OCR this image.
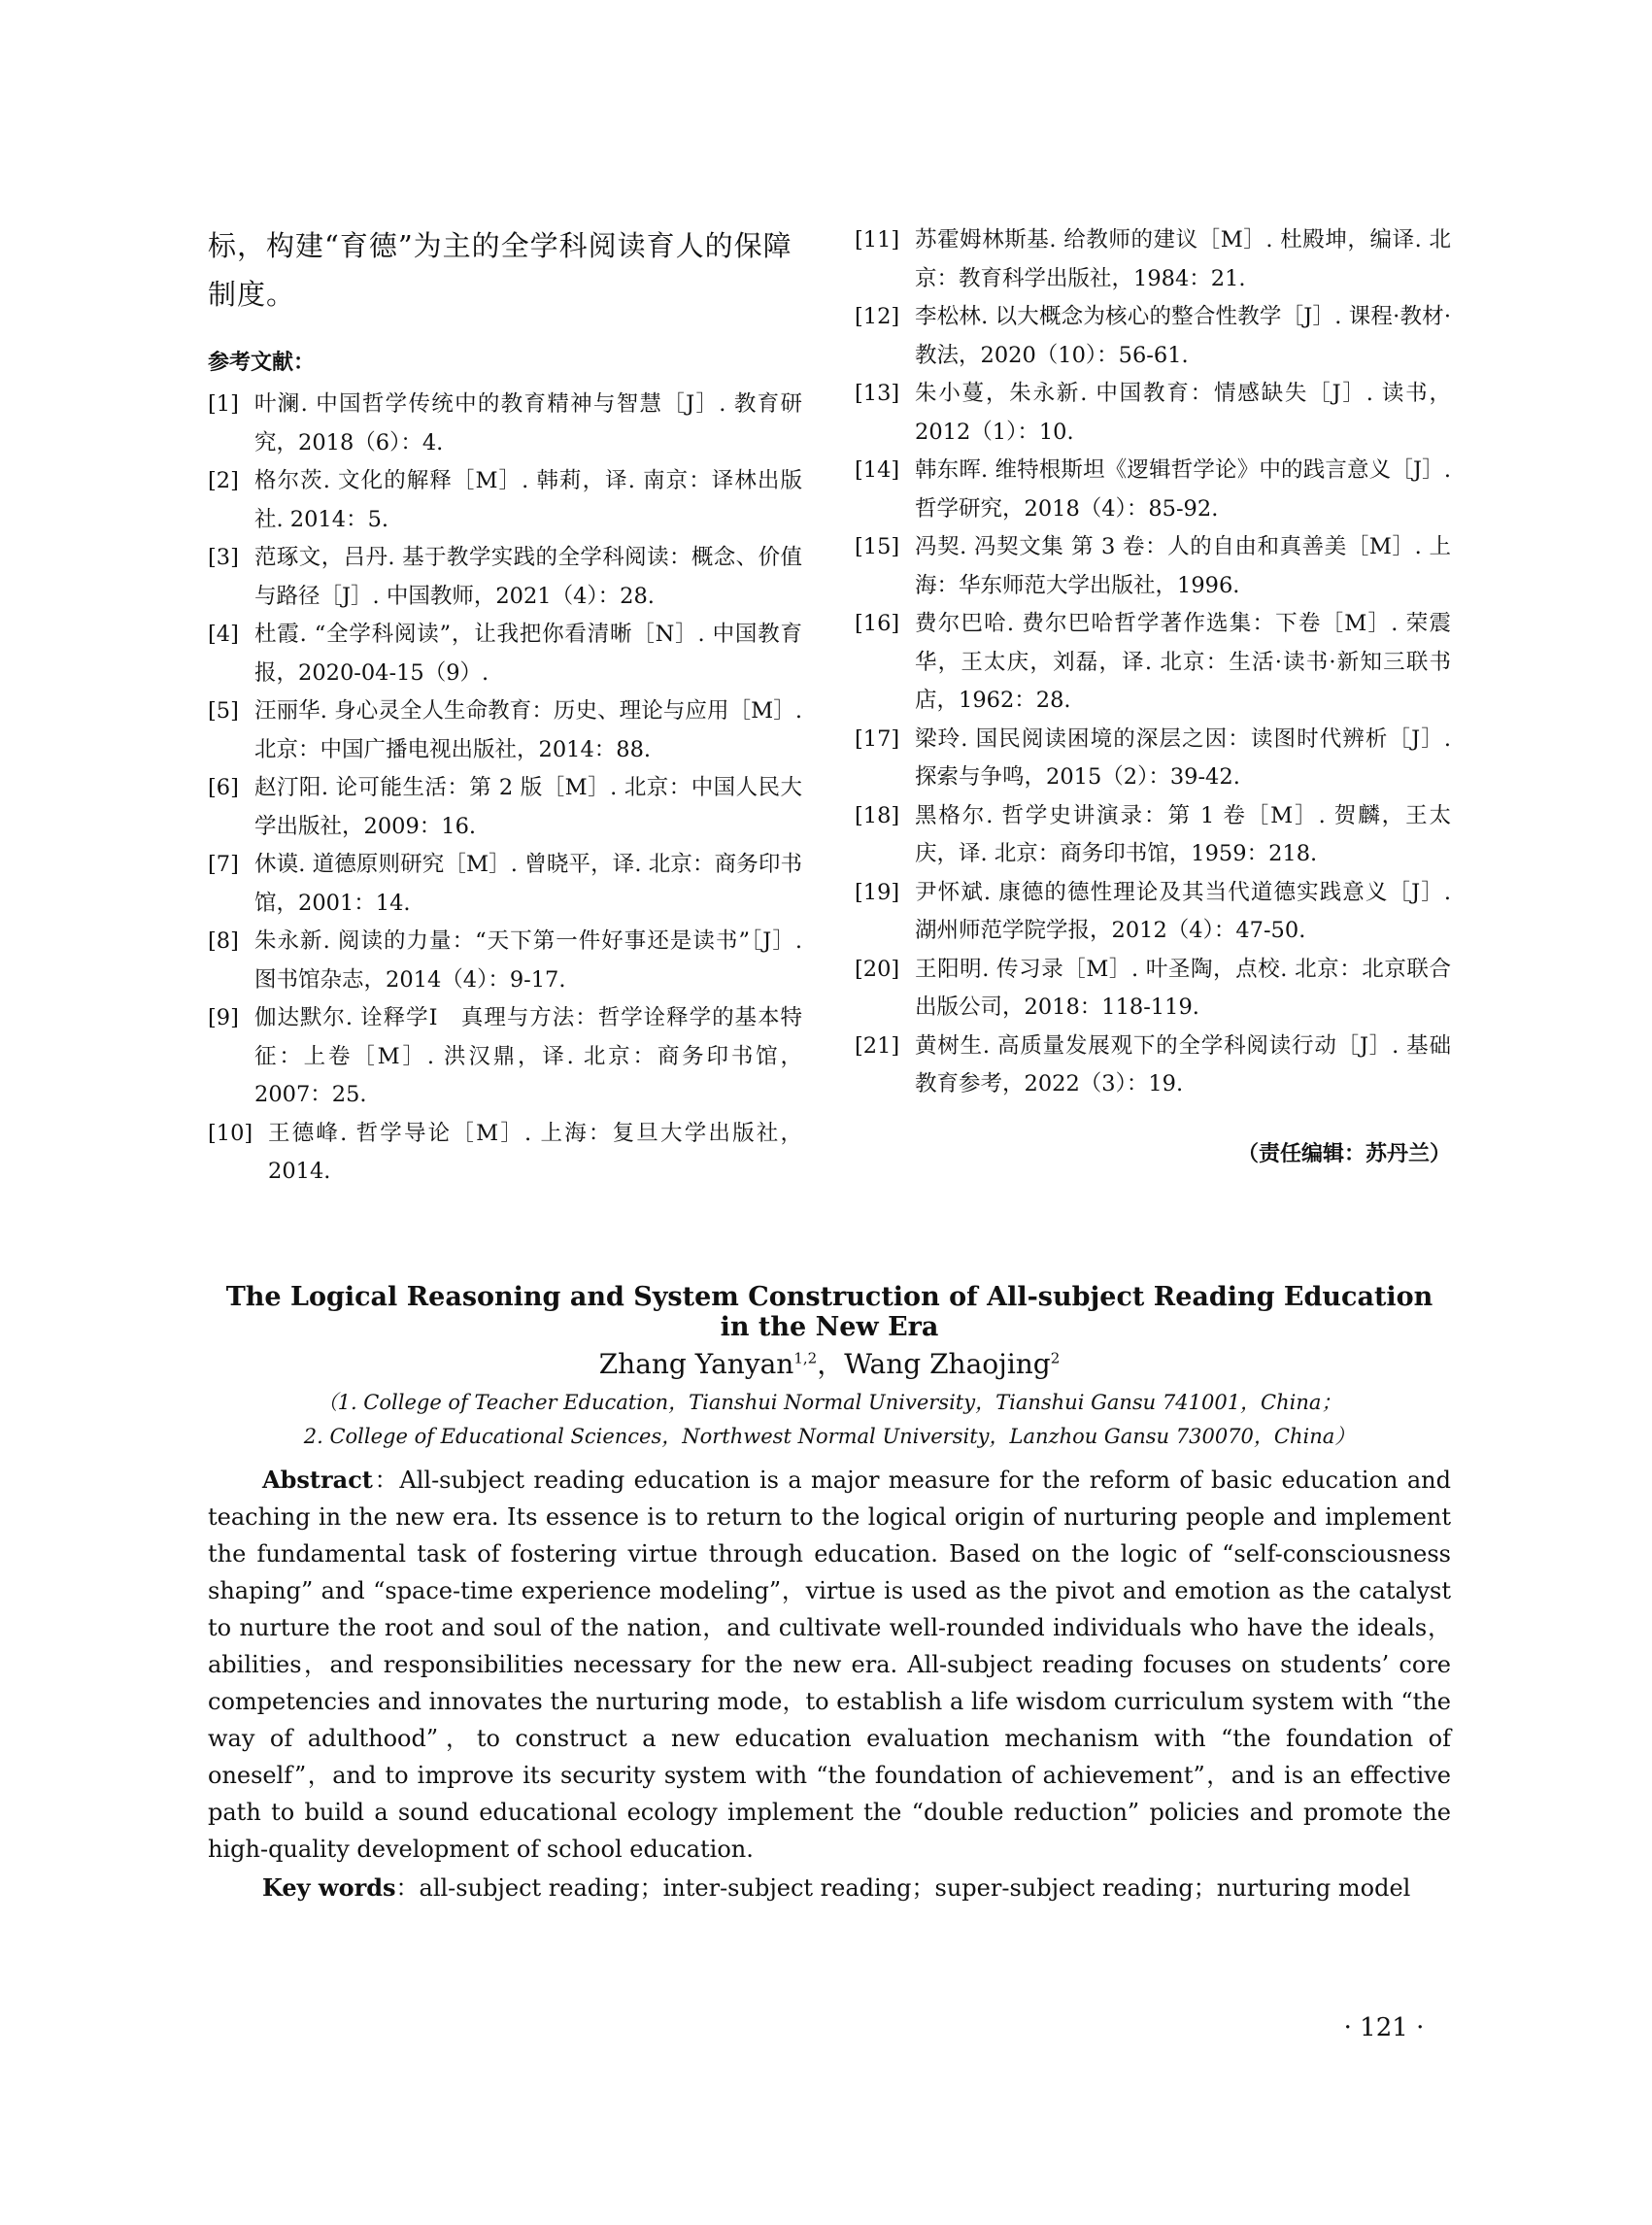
标，构建“育德”为主的全学科阅读育人的保障制度。

参考文献：
[1] 叶澜. 中国哲学传统中的教育精神与智慧［J］. 教育研究，2018（6）：4.
[2] 格尔茨. 文化的解释［M］. 韩莉，译. 南京：译林出版社. 2014：5.
[3] 范琢文，吕丹. 基于教学实践的全学科阅读：概念、价值与路径［J］. 中国教师，2021（4）：28.
[4] 杜霞. “全学科阅读”，让我把你看清晰［N］. 中国教育报，2020-04-15（9）.
[5] 汪丽华. 身心灵全人生命教育：历史、理论与应用［M］. 北京：中国广播电视出版社，2014：88.
[6] 赵汀阳. 论可能生活：第 2 版［M］. 北京：中国人民大学出版社，2009：16.
[7] 休谟. 道德原则研究［M］. 曾晓平，译. 北京：商务印书馆，2001：14.
[8] 朱永新. 阅读的力量：“天下第一件好事还是读书”［J］. 图书馆杂志，2014（4）：9-17.
[9] 伽达默尔. 诠释学Ⅰ　真理与方法：哲学诠释学的基本特征：上卷［M］. 洪汉鼎，译. 北京：商务印书馆，2007：25.
[10] 王德峰. 哲学导论［M］. 上海：复旦大学出版社，2014.
[11] 苏霍姆林斯基. 给教师的建议［M］. 杜殿坤，编译. 北京：教育科学出版社，1984：21.
[12] 李松林. 以大概念为核心的整合性教学［J］. 课程·教材·教法，2020（10）：56-61.
[13] 朱小蔓，朱永新. 中国教育：情感缺失［J］. 读书，2012（1）：10.
[14] 韩东晖. 维特根斯坦《逻辑哲学论》中的践言意义［J］. 哲学研究，2018（4）：85-92.
[15] 冯契. 冯契文集 第 3 卷：人的自由和真善美［M］. 上海：华东师范大学出版社，1996.
[16] 费尔巴哈. 费尔巴哈哲学著作选集：下卷［M］. 荣震华，王太庆，刘磊，译. 北京：生活·读书·新知三联书店，1962：28.
[17] 梁玲. 国民阅读困境的深层之因：读图时代辨析［J］. 探索与争鸣，2015（2）：39-42.
[18] 黑格尔. 哲学史讲演录：第 1 卷［M］. 贺麟，王太庆，译. 北京：商务印书馆，1959：218.
[19] 尹怀斌. 康德的德性理论及其当代道德实践意义［J］. 湖州师范学院学报，2012（4）：47-50.
[20] 王阳明. 传习录［M］. 叶圣陶，点校. 北京：北京联合出版公司，2018：118-119.
[21] 黄树生. 高质量发展观下的全学科阅读行动［J］. 基础教育参考，2022（3）：19.
（责任编辑：苏丹兰）
The Logical Reasoning and System Construction of All-subject Reading Education in the New Era
Zhang Yanyan$^{1,2}$，Wang Zhaojing$^2$
（1. College of Teacher Education，Tianshui Normal University，Tianshui Gansu 741001，China；
2. College of Educational Sciences，Northwest Normal University，Lanzhou Gansu 730070，China）

Abstract：All-subject reading education is a major measure for the reform of basic education and teaching in the new era. Its essence is to return to the logical origin of nurturing people and implement the fundamental task of fostering virtue through education. Based on the logic of “self-consciousness shaping” and “space-time experience modeling”，virtue is used as the pivot and emotion as the catalyst to nurture the root and soul of the nation，and cultivate well-rounded individuals who have the ideals，abilities，and responsibilities necessary for the new era. All-subject reading focuses on students’ core competencies and innovates the nurturing mode，to establish a life wisdom curriculum system with “the way of adulthood”，to construct a new education evaluation mechanism with “the foundation of oneself”，and to improve its security system with “the foundation of achievement”，and is an effective path to build a sound educational ecology implement the “double reduction” policies and promote the high-quality development of school education.

Key words：all-subject reading；inter-subject reading；super-subject reading；nurturing model

· 121 ·
